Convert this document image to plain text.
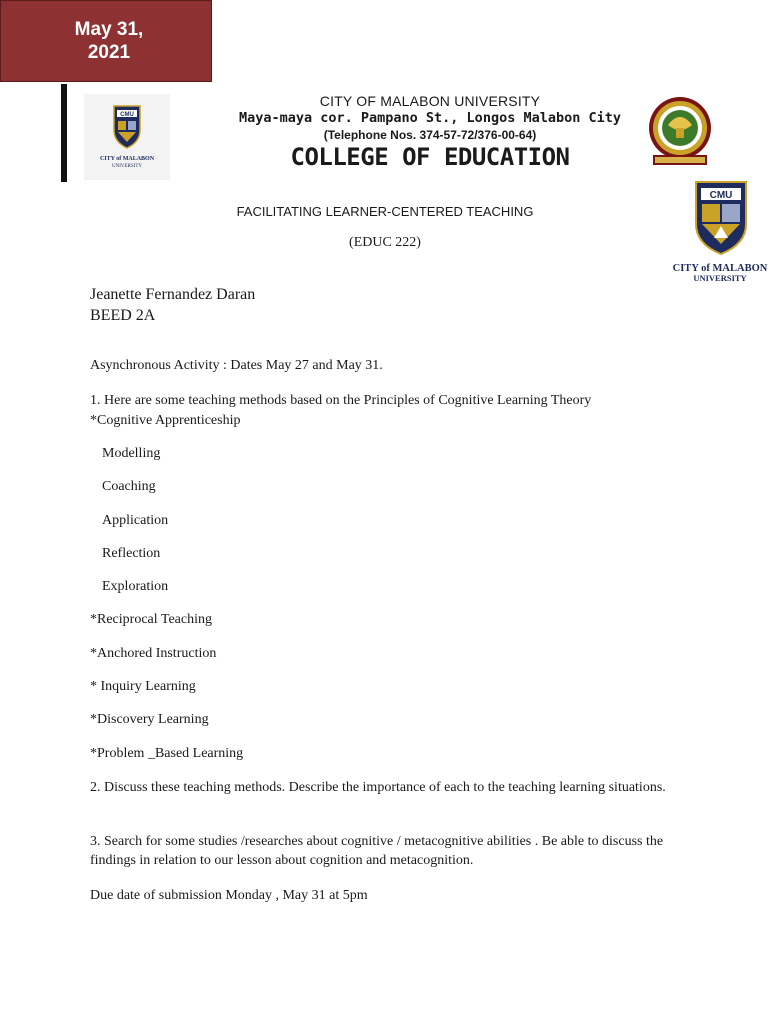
May 31,
2021
CMU
CITY of MALABON
UNIVERSITY
CMU
CITY of MALABON
UNIVERSITY
CITY OF MALABON UNIVERSITY
Maya-maya cor. Pampano St., Longos Malabon City
(Telephone Nos. 374-57-72/376-00-64)
COLLEGE OF EDUCATION
FACILITATING LEARNER-CENTERED TEACHING
(EDUC 222)
Jeanette Fernandez Daran
BEED 2A
Asynchronous Activity : Dates May 27 and May 31.
1. Here are some teaching methods based on the Principles of Cognitive Learning Theory
*Cognitive Apprenticeship
Modelling
Coaching
Application
Reflection
Exploration
*Reciprocal Teaching
*Anchored Instruction
* Inquiry Learning
*Discovery Learning
*Problem _Based Learning
2. Discuss these teaching methods. Describe the importance of each to the teaching learning situations.
3. Search for some studies /researches about cognitive / metacognitive abilities . Be able to discuss the findings in relation to our lesson about cognition and metacognition.
Due date of submission Monday , May 31 at 5pm
